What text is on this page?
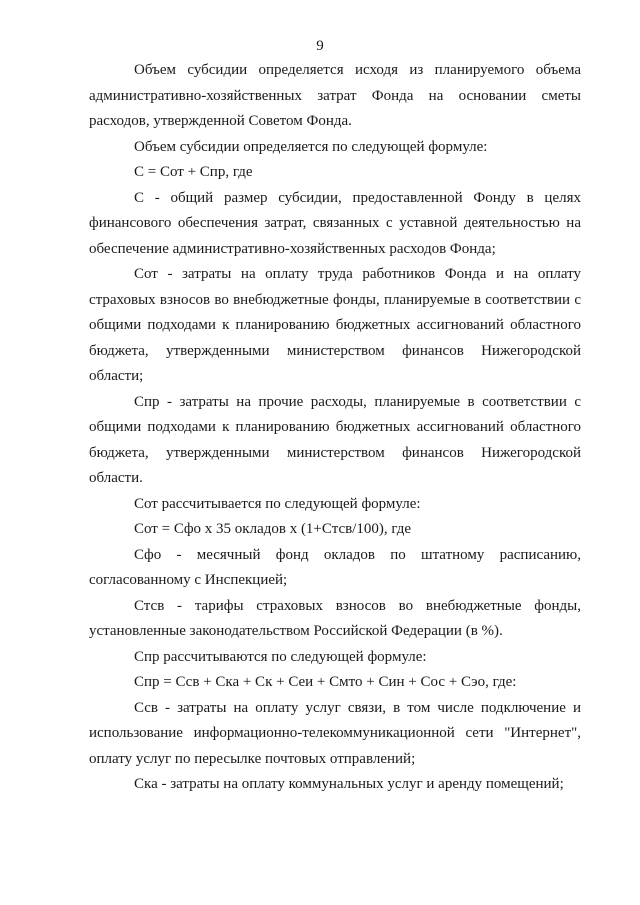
9

Объем субсидии определяется исходя из планируемого объема административно-хозяйственных затрат Фонда на основании сметы расходов, утвержденной Советом Фонда.

Объем субсидии определяется по следующей формуле:

С = Сот + Спр, где

С - общий размер субсидии, предоставленной Фонду в целях финансового обеспечения затрат, связанных с уставной деятельностью на обеспечение административно-хозяйственных расходов Фонда;

Сот - затраты на оплату труда работников Фонда и на оплату страховых взносов во внебюджетные фонды, планируемые в соответствии с общими подходами к планированию бюджетных ассигнований областного бюджета, утвержденными министерством финансов Нижегородской области;

Спр - затраты на прочие расходы, планируемые в соответствии с общими подходами к планированию бюджетных ассигнований областного бюджета, утвержденными министерством финансов Нижегородской области.

Сот рассчитывается по следующей формуле:

Сот = Сфо х 35 окладов х (1+Стсв/100), где

Сфо - месячный фонд окладов по штатному расписанию, согласованному с Инспекцией;

Стсв - тарифы страховых взносов во внебюджетные фонды, установленные законодательством Российской Федерации (в %).

Спр рассчитываются по следующей формуле:

Спр = Ссв + Cка + Ск + Сеи + Смто + Син + Сос + Сэо, где:

Ссв - затраты на оплату услуг связи, в том числе подключение и использование информационно-телекоммуникационной сети "Интернет", оплату услуг по пересылке почтовых отправлений;

Cка - затраты на оплату коммунальных услуг и аренду помещений;
